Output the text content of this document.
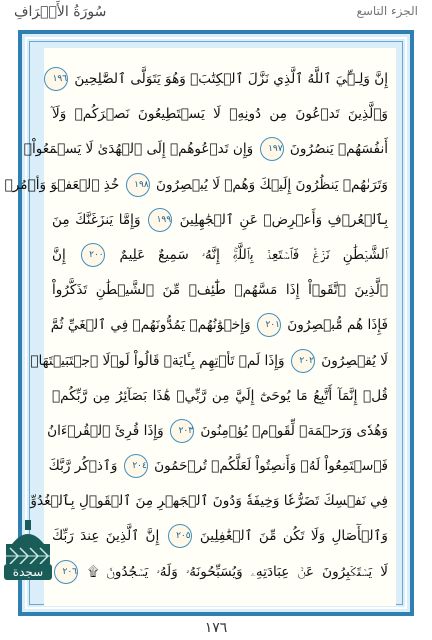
سُورَةُ الأَعۡرَافِ	الجزء التاسع
إِنَّ وَلِـِّۧيَ ٱللَّهُ ٱلَّذِي نَزَّلَ ٱلۡكِتَٰبَۖ وَهُوَ يَتَوَلَّى ٱلصَّٰلِحِينَ ١٩٦
وَٱلَّذِينَ تَدۡعُونَ مِن دُونِهِۦ لَا يَسۡتَطِيعُونَ نَصۡرَكُمۡ وَلَآ
أَنفُسَهُمۡ يَنصُرُونَ ١٩٧ وَإِن تَدۡعُوهُمۡ إِلَى ٱلۡهُدَىٰ لَا يَسۡمَعُواْۖ
وَتَرَىٰهُمۡ يَنظُرُونَ إِلَيۡكَ وَهُمۡ لَا يُبۡصِرُونَ ١٩٨ خُذِ ٱلۡعَفۡوَ وَأۡمُرۡ
بِٱلۡعُرۡفِ وَأَعۡرِضۡ عَنِ ٱلۡجَٰهِلِينَ ١٩٩ وَإِمَّا يَنزَغَنَّكَ مِنَ
ٱلشَّيۡطَٰنِ نَزۡغٞ فَٱسۡتَعِذۡ بِٱللَّهِۚ إِنَّهُۥ سَمِيعٌ عَلِيمٌ ٢٠٠ إِنَّ
ٱلَّذِينَ ٱتَّقَوۡاْ إِذَا مَسَّهُمۡ طَٰٓئِفٞ مِّنَ ٱلشَّيۡطَٰنِ تَذَكَّرُواْ
فَإِذَا هُم مُّبۡصِرُونَ ٢٠١ وَإِخۡوَٰنُهُمۡ يَمُدُّونَهُمۡ فِي ٱلۡغَيِّ ثُمَّ
لَا يُقۡصِرُونَ ٢٠٢ وَإِذَا لَمۡ تَأۡتِهِم بِـَٔايَةٖ قَالُواْ لَوۡلَا ٱجۡتَبَيۡتَهَاۚ
قُلۡ إِنَّمَآ أَتَّبِعُ مَا يُوحَىٰٓ إِلَيَّ مِن رَّبِّيۚ هَٰذَا بَصَآئِرُ مِن رَّبِّكُمۡ
وَهُدٗى وَرَحۡمَةٞ لِّقَوۡمٖ يُؤۡمِنُونَ ٢٠٣ وَإِذَا قُرِئَ ٱلۡقُرۡءَانُ
فَٱسۡتَمِعُواْ لَهُۥ وَأَنصِتُواْ لَعَلَّكُمۡ تُرۡحَمُونَ ٢٠٤ وَٱذۡكُر رَّبَّكَ
فِي نَفۡسِكَ تَضَرُّعٗا وَخِيفَةٗ وَدُونَ ٱلۡجَهۡرِ مِنَ ٱلۡقَوۡلِ بِٱلۡغُدُوِّ
وَٱلۡأٓصَالِ وَلَا تَكُن مِّنَ ٱلۡغَٰفِلِينَ ٢٠٥ إِنَّ ٱلَّذِينَ عِندَ رَبِّكَ
لَا يَسۡتَكۡبِرُونَ عَنۡ عِبَادَتِهِۦ وَيُسَبِّحُونَهُۥ وَلَهُۥ يَسۡجُدُونَۤ ۩ ٢٠٦
سجدة
١٧٦
